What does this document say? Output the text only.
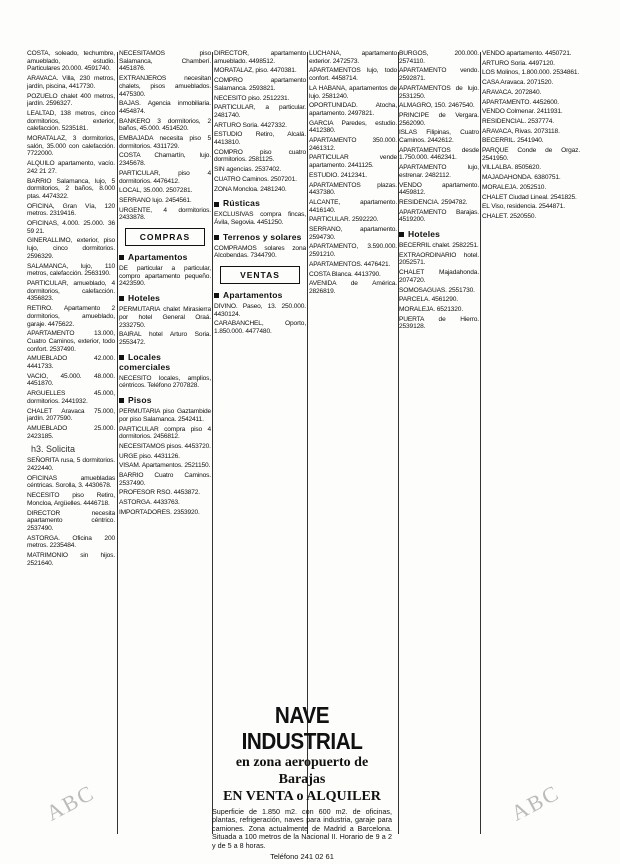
COSTA, soleado, techumbre, amueblado, estudio. Particulares 20.000. 4591740.

ARAVACA. Villa, 230 metros, jardín, piscina, 4417730.

POZUELO chalet 400 metros, jardín. 2596327.

LEALTAD, 138 metros, cinco dormitorios, exterior, calefacción. 5235181.

MORATALAZ, 3 dormitorios, salón, 35.000 con calefacción. 7722000.

ALQUILO apartamento, vacío. 242 21 27.

BARRIO Salamanca, lujo, 5 dormitorios, 2 baños, 8.000 ptas. 4474322.

OFICINA, Gran Vía, 120 metros. 2319416.

OFICINAS, 4.000. 25.000. 36 59 21.

GINERALLIMO, exterior, piso lujo, cinco dormitorios. 2596329.

SALAMANCA, lujo, 110 metros, calefacción. 2563190.

PARTICULAR, amueblado, 4 dormitorios, calefacción. 4356823.

RETIRO. Apartamento 2 dormitorios, amueblado, garaje. 4475622.

APARTAMENTO 13.000, Cuatro Caminos, exterior, todo confort. 2537490.

AMUEBLADO 42.000. 4441733.

VACIO, 45.000. 48.000. 4451870.

ARGUELLES 45.000, dormitorios. 2441932.

CHALET Aravaca 75.000, jardín. 2077590.

AMUEBLADO 25.000. 2423185.

h3. Solicita

SEÑORITA rusa, 5 dormitorios. 2422440.

OFICINAS amuebladas céntricas. Sorolla, 3. 4430678.

NECESITO piso Retiro, Moncloa, Argüelles. 4446718.

DIRECTOR necesita apartamento céntrico. 2537490.

ASTORGA. Oficina 200 metros. 2235484.

MATRIMONIO sin hijos. 2521640.

NECESITAMOS piso Salamanca, Chamberí. 4451876.

EXTRANJEROS necesitan chalets, pisos amueblados. 4475300.

BAJAS. Agencia inmobiliaria. 4454874.

BANKERO 3 dormitorios, 2 baños, 45.000. 4514520.

EMBAJADA necesita piso 5 dormitorios. 4311729.

COSTA Chamartín, lujo. 2345678.

PARTICULAR, piso 4 dormitorios. 4476412.

LOCAL, 35.000. 2507281.

SERRANO lujo. 2454561.

URGENTE, 4 dormitorios. 2433878.

COMPRAS
Apartamentos

DE particular a particular, compro apartamento pequeño. 2423590.

Hoteles

PERMUTARIA chalet Mirasierra por hotel General Oraá. 2332750.

BAIRAL hotel Arturo Soria. 2553472.

Locales comerciales

NECESITO locales, amplios, céntricos. Teléfono 2707828.

Pisos

PERMUTARIA piso Gaztambide por piso Salamanca. 2542411.

PARTICULAR compra piso 4 dormitorios. 2456812.

NECESITAMOS pisos. 4453720.

URGE piso. 4431126.

VISAM. Apartamentos. 2521150.

BARRIO Cuatro Caminos. 2537490.

PROFESOR RSO. 4453872.

ASTORGA. 4433763.

IMPORTADORES. 2353920.

DIRECTOR, apartamento amueblado. 4498512.

MORATALAZ, piso. 4470381.

COMPRO apartamento Salamanca. 2593821.

NECESITO piso. 2512231.

PARTICULAR, a particular. 2481740.

ARTURO Soria. 4427332.

ESTUDIO Retiro, Alcalá. 4413810.

COMPRO piso cuatro dormitorios. 2581125.

SIN agencias. 2537402.

CUATRO Caminos. 2507201.

ZONA Moncloa. 2481240.

Rústicas

EXCLUSIVAS compra fincas, Ávila, Segovia. 4451250.

Terrenos y solares

COMPRAMOS solares zona Alcobendas. 7344790.

VENTAS
Apartamentos

DIVINO. Paseo, 13. 250.000. 4430124.

CARABANCHEL, Oporto, 1.850.000. 4477480.

LUCHANA, apartamento exterior. 2472573.

APARTAMENTOS lujo, todo confort. 4458714.

LA HABANA, apartamentos de lujo. 2581240.

OPORTUNIDAD. Atocha, apartamento. 2497821.

GARCIA Paredes, estudio. 4412380.

APARTAMENTO 350.000. 2461312.

PARTICULAR vende apartamento. 2441125.

ESTUDIO. 2412341.

APARTAMENTOS plazas. 4437380.

ALCANTE, apartamento. 4416140.

PARTICULAR. 2592220.

SERRANO, apartamento. 2594730.

APARTAMENTO, 3.590.000. 2591210.

APARTAMENTOS. 4476421.

COSTA Blanca. 4413790.

AVENIDA de América. 2826819.

BURGOS, 200.000. 2574110.

APARTAMENTO vendo. 2592871.

APARTAMENTOS de lujo. 2531250.

ALMAGRO, 150. 2467540.

PRINCIPE de Vergara. 2562090.

ISLAS Filipinas, Cuatro Caminos. 2442612.

APARTAMENTOS desde 1.750.000. 4462341.

APARTAMENTO lujo, estrenar. 2482112.

VENDO apartamento. 4459812.

RESIDENCIA. 2594782.

APARTAMENTO Barajas. 4519200.

Hoteles

BECERRIL chalet. 2582251.

EXTRAORDINARIO hotel. 2052571.

CHALET Majadahonda. 2074720.

SOMOSAGUAS. 2551730.

PARCELA. 4561290.

MORALEJA. 6521320.

PUERTA de Hierro. 2539128.

VENDO apartamento. 4450721.

ARTURO Soria. 4497120.

LOS Molinos, 1.800.000. 2534861.

CASA Aravaca. 2071520.

ARAVACA. 2072840.

APARTAMENTO. 4452600.

VENDO Colmenar. 2411931.

RESIDENCIAL. 2537774.

ARAVACA, Rivas. 2073118.

BECERRIL. 2541940.

PARQUE Conde de Orgaz. 2541950.

VILLALBA. 8505620.

MAJADAHONDA. 6380751.

MORALEJA. 2052510.

CHALET Ciudad Lineal. 2541825.

EL Viso, residencia. 2544871.

CHALET. 2520550.

NAVE INDUSTRIAL
en zona aeropuerto de Barajas
EN VENTA o ALQUILER
Superficie de 1.850 m2. con 600 m2. de oficinas, plantas, refrigeración, naves para industria, garaje para camiones. Zona actualmente de Madrid a Barcelona. Situada a 100 metros de la Nacional II. Horario de 9 a 2 y de 5 a 8 horas.
Teléfono 241 02 61
ABC	ABC
